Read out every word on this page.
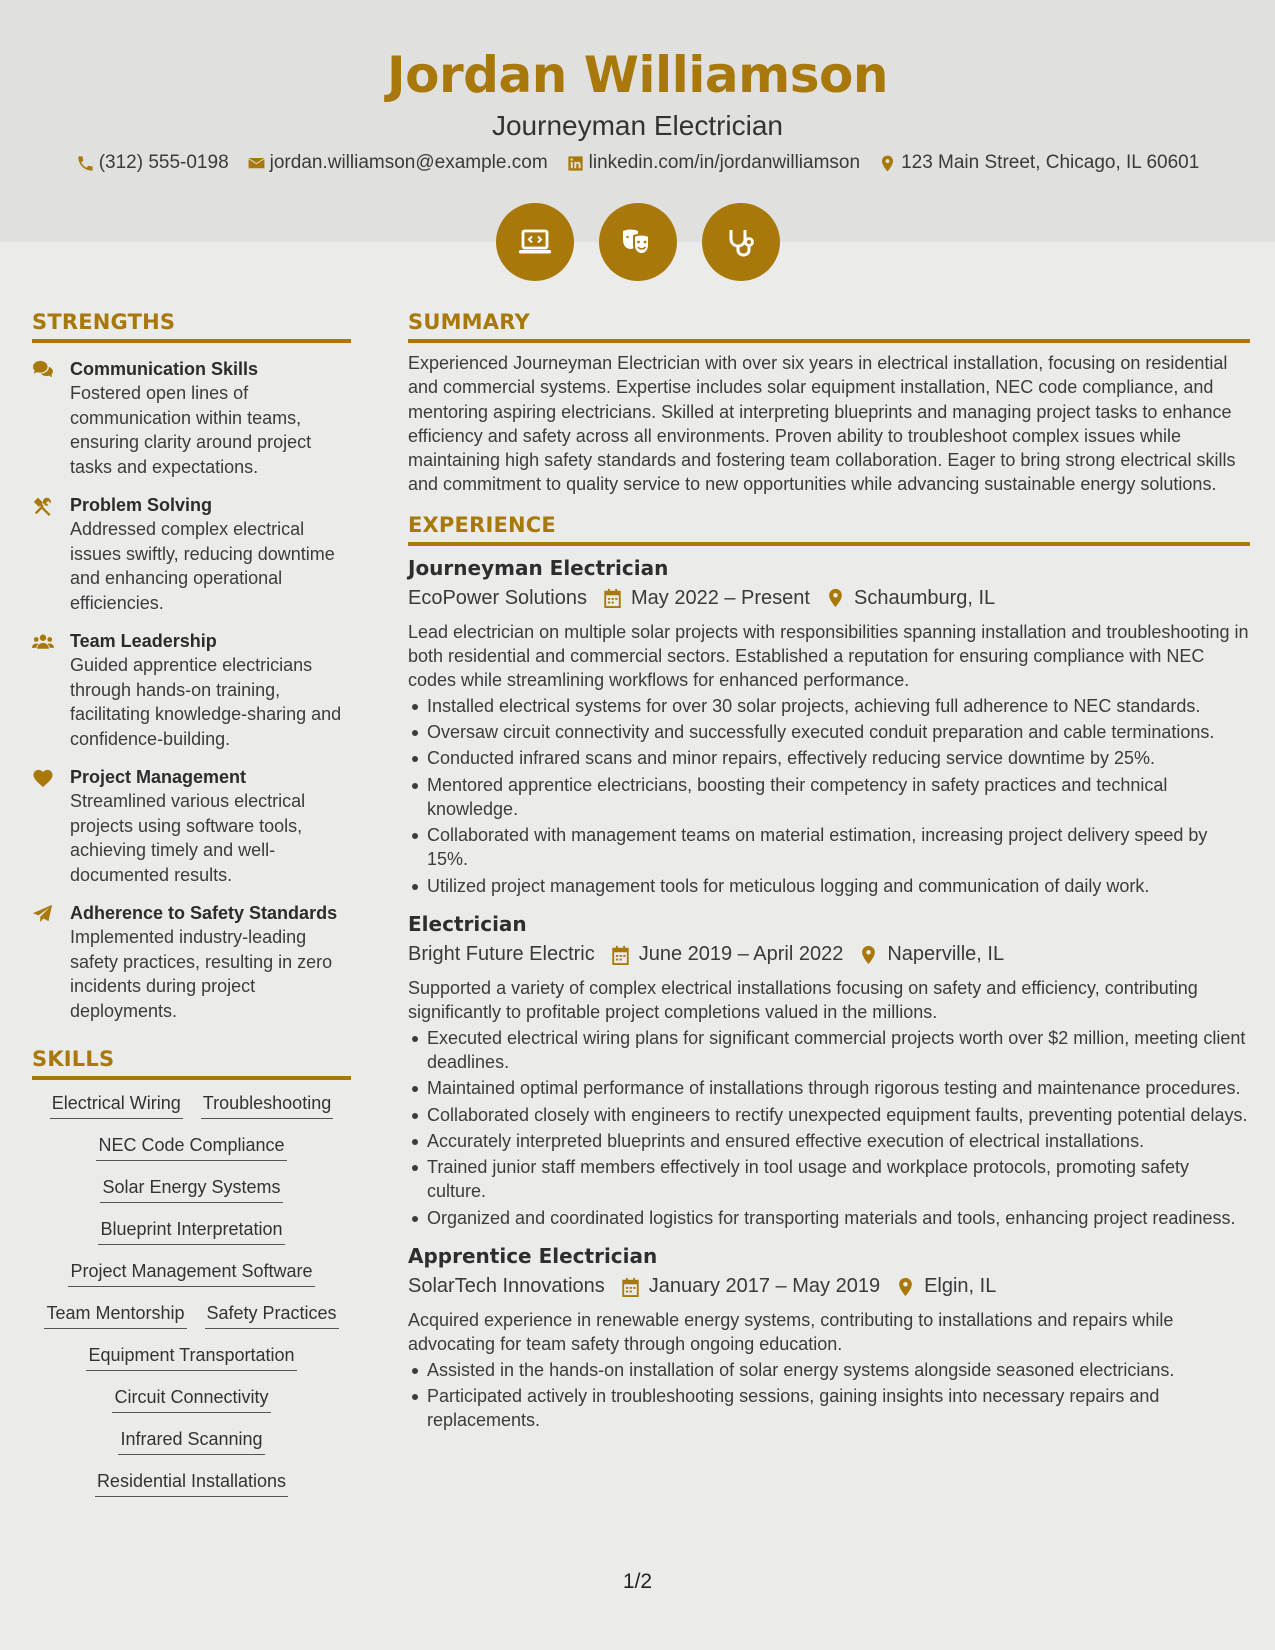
Jordan Williamson
Journeyman Electrician
(312) 555-0198 jordan.williamson@example.com linkedin.com/in/jordanwilliamson 123 Main Street, Chicago, IL 60601
STRENGTHS
Communication Skills
Fostered open lines of communication within teams, ensuring clarity around project tasks and expectations.
Problem Solving
Addressed complex electrical issues swiftly, reducing downtime and enhancing operational efficiencies.
Team Leadership
Guided apprentice electricians through hands-on training, facilitating knowledge-sharing and confidence-building.
Project Management
Streamlined various electrical projects using software tools, achieving timely and well-documented results.
Adherence to Safety Standards
Implemented industry-leading safety practices, resulting in zero incidents during project deployments.
SKILLS
Electrical Wiring Troubleshooting
NEC Code Compliance
Solar Energy Systems
Blueprint Interpretation
Project Management Software
Team Mentorship Safety Practices
Equipment Transportation
Circuit Connectivity
Infrared Scanning
Residential Installations
SUMMARY
Experienced Journeyman Electrician with over six years in electrical installation, focusing on residential and commercial systems. Expertise includes solar equipment installation, NEC code compliance, and mentoring aspiring electricians. Skilled at interpreting blueprints and managing project tasks to enhance efficiency and safety across all environments. Proven ability to troubleshoot complex issues while maintaining high safety standards and fostering team collaboration. Eager to bring strong electrical skills and commitment to quality service to new opportunities while advancing sustainable energy solutions.
EXPERIENCE
Journeyman Electrician
EcoPower Solutions May 2022 – Present Schaumburg, IL
Lead electrician on multiple solar projects with responsibilities spanning installation and troubleshooting in both residential and commercial sectors. Established a reputation for ensuring compliance with NEC codes while streamlining workflows for enhanced performance.
Installed electrical systems for over 30 solar projects, achieving full adherence to NEC standards.
Oversaw circuit connectivity and successfully executed conduit preparation and cable terminations.
Conducted infrared scans and minor repairs, effectively reducing service downtime by 25%.
Mentored apprentice electricians, boosting their competency in safety practices and technical knowledge.
Collaborated with management teams on material estimation, increasing project delivery speed by 15%.
Utilized project management tools for meticulous logging and communication of daily work.
Electrician
Bright Future Electric June 2019 – April 2022 Naperville, IL
Supported a variety of complex electrical installations focusing on safety and efficiency, contributing significantly to profitable project completions valued in the millions.
Executed electrical wiring plans for significant commercial projects worth over $2 million, meeting client deadlines.
Maintained optimal performance of installations through rigorous testing and maintenance procedures.
Collaborated closely with engineers to rectify unexpected equipment faults, preventing potential delays.
Accurately interpreted blueprints and ensured effective execution of electrical installations.
Trained junior staff members effectively in tool usage and workplace protocols, promoting safety culture.
Organized and coordinated logistics for transporting materials and tools, enhancing project readiness.
Apprentice Electrician
SolarTech Innovations January 2017 – May 2019 Elgin, IL
Acquired experience in renewable energy systems, contributing to installations and repairs while advocating for team safety through ongoing education.
Assisted in the hands-on installation of solar energy systems alongside seasoned electricians.
Participated actively in troubleshooting sessions, gaining insights into necessary repairs and replacements.
1/2
